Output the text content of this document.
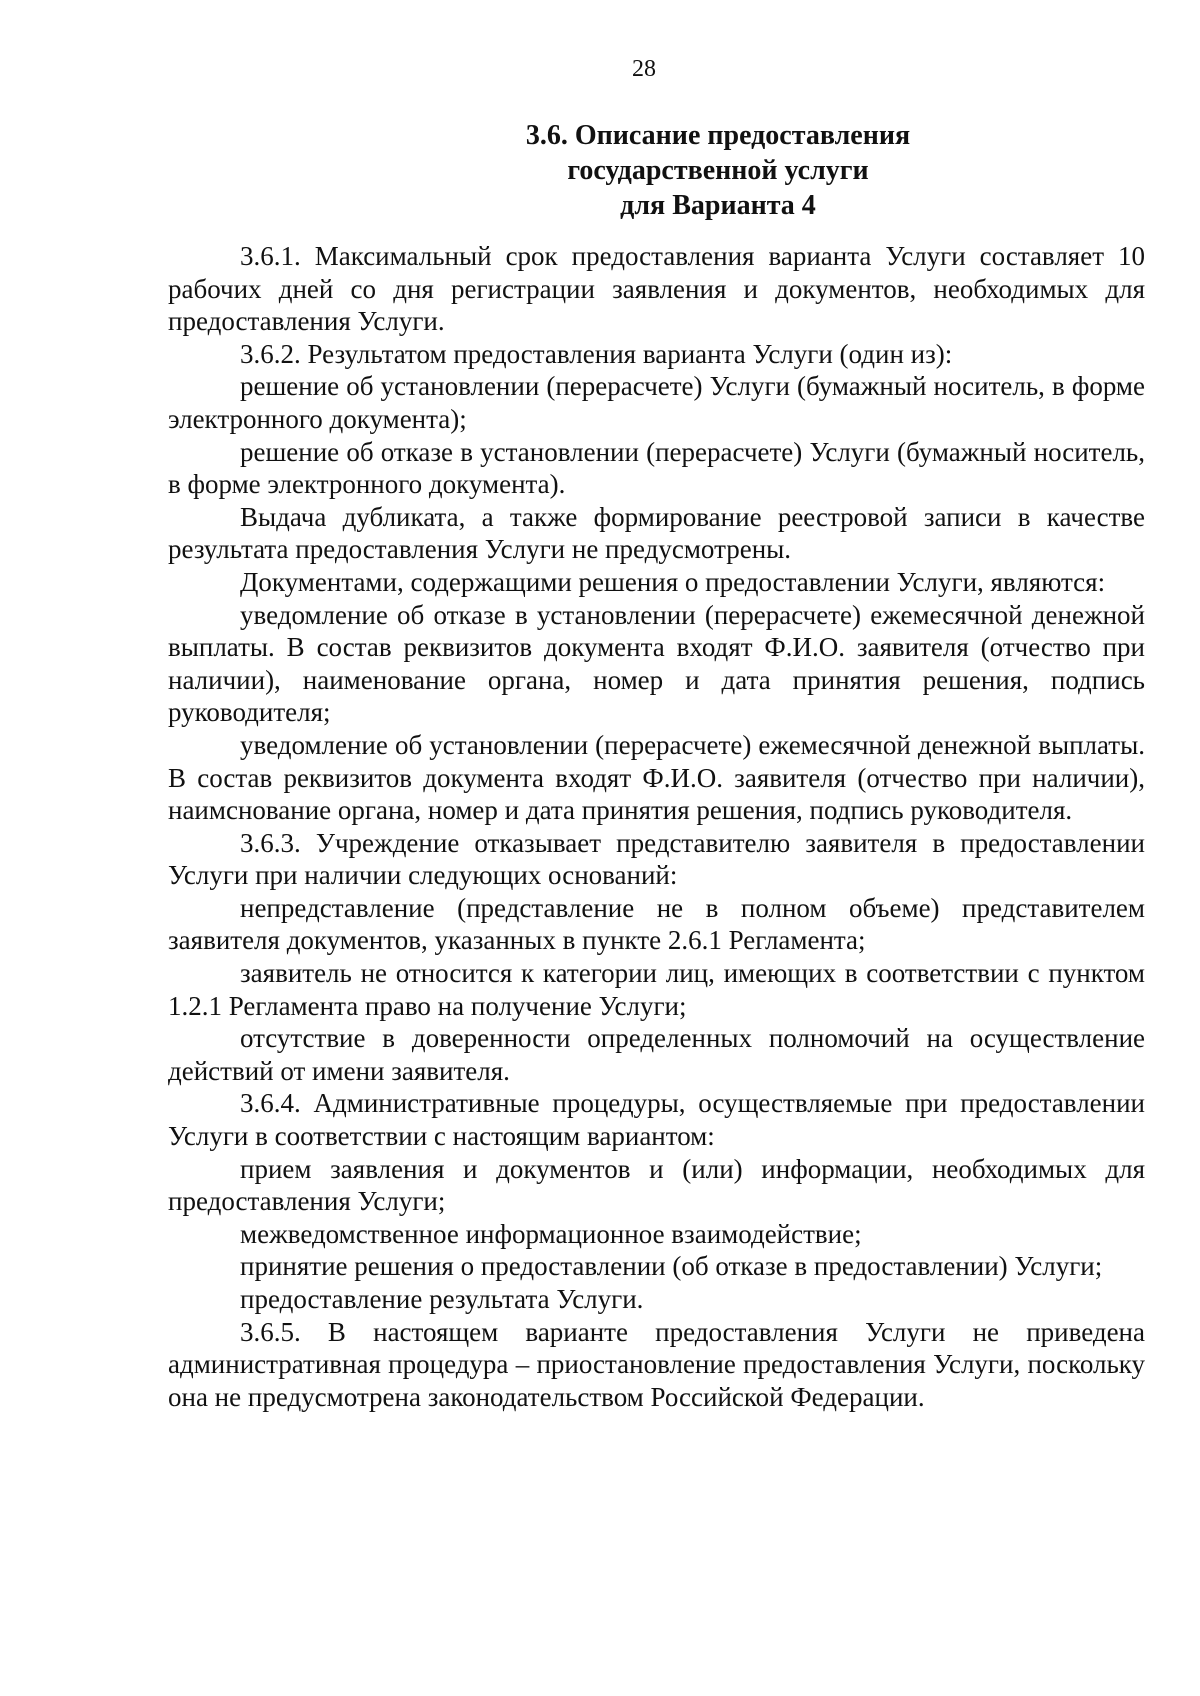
28
3.6. Описание предоставления
государственной услуги
для Варианта 4

3.6.1. Максимальный срок предоставления варианта Услуги составляет 10 рабочих дней со дня регистрации заявления и документов, необходимых для предоставления Услуги.

3.6.2. Результатом предоставления варианта Услуги (один из):

решение об установлении (перерасчете) Услуги (бумажный носитель, в форме электронного документа);

решение об отказе в установлении (перерасчете) Услуги (бумажный носитель, в форме электронного документа).

Выдача дубликата, а также формирование реестровой записи в качестве результата предоставления Услуги не предусмотрены.

Документами, содержащими решения о предоставлении Услуги, являются:

уведомление об отказе в установлении (перерасчете) ежемесячной денежной выплаты. В состав реквизитов документа входят Ф.И.О. заявителя (отчество при наличии), наименование органа, номер и дата принятия решения, подпись руководителя;

уведомление об установлении (перерасчете) ежемесячной денежной выплаты. В состав реквизитов документа входят Ф.И.О. заявителя (отчество при наличии), наимснование органа, номер и дата принятия решения, подпись руководителя.

3.6.3. Учреждение отказывает представителю заявителя в предоставлении Услуги при наличии следующих оснований:

непредставление (представление не в полном объеме) представителем заявителя документов, указанных в пункте 2.6.1 Регламента;

заявитель не относится к категории лиц, имеющих в соответствии с пунктом 1.2.1 Регламента право на получение Услуги;

отсутствие в доверенности определенных полномочий на осуществление действий от имени заявителя.

3.6.4. Административные процедуры, осуществляемые при предоставлении Услуги в соответствии с настоящим вариантом:

прием заявления и документов и (или) информации, необходимых для предоставления Услуги;

межведомственное информационное взаимодействие;

принятие решения о предоставлении (об отказе в предоставлении) Услуги;

предоставление результата Услуги.

3.6.5. В настоящем варианте предоставления Услуги не приведена административная процедура – приостановление предоставления Услуги, поскольку она не предусмотрена законодательством Российской Федерации.
